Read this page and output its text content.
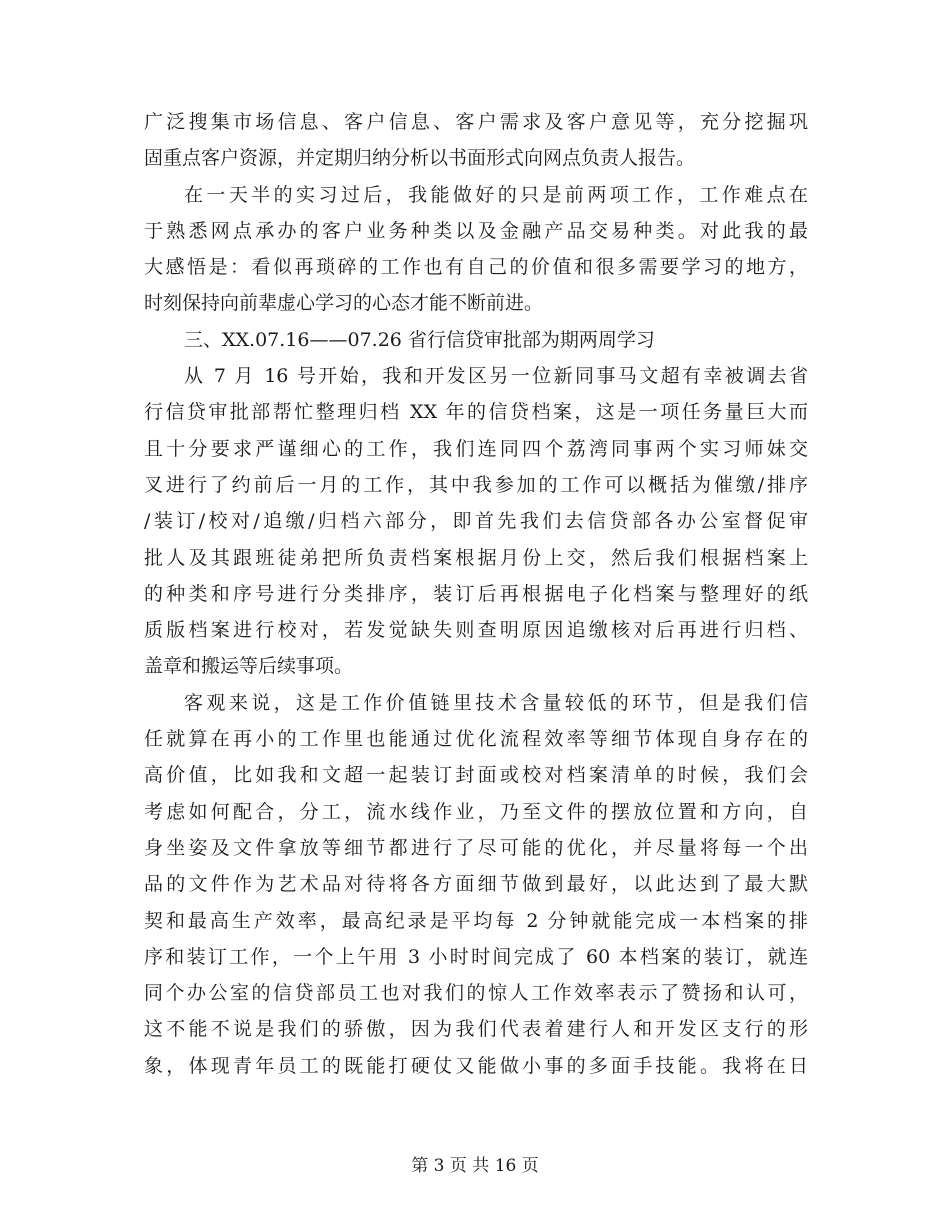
广泛搜集市场信息、客户信息、客户需求及客户意见等，充分挖掘巩
固重点客户资源，并定期归纳分析以书面形式向网点负责人报告。
在一天半的实习过后，我能做好的只是前两项工作，工作难点在
于熟悉网点承办的客户业务种类以及金融产品交易种类。对此我的最
大感悟是：看似再琐碎的工作也有自己的价值和很多需要学习的地方，
时刻保持向前辈虚心学习的心态才能不断前进。
三、XX.07.16——07.26 省行信贷审批部为期两周学习
从 7 月 16 号开始，我和开发区另一位新同事马文超有幸被调去省
行信贷审批部帮忙整理归档 XX 年的信贷档案，这是一项任务量巨大而
且十分要求严谨细心的工作，我们连同四个荔湾同事两个实习师妹交
叉进行了约前后一月的工作，其中我参加的工作可以概括为催缴/排序
/装订/校对/追缴/归档六部分，即首先我们去信贷部各办公室督促审
批人及其跟班徒弟把所负责档案根据月份上交，然后我们根据档案上
的种类和序号进行分类排序，装订后再根据电子化档案与整理好的纸
质版档案进行校对，若发觉缺失则查明原因追缴核对后再进行归档、
盖章和搬运等后续事项。
客观来说，这是工作价值链里技术含量较低的环节，但是我们信
任就算在再小的工作里也能通过优化流程效率等细节体现自身存在的
高价值，比如我和文超一起装订封面或校对档案清单的时候，我们会
考虑如何配合，分工，流水线作业，乃至文件的摆放位置和方向，自
身坐姿及文件拿放等细节都进行了尽可能的优化，并尽量将每一个出
品的文件作为艺术品对待将各方面细节做到最好，以此达到了最大默
契和最高生产效率，最高纪录是平均每 2 分钟就能完成一本档案的排
序和装订工作，一个上午用 3 小时时间完成了 60 本档案的装订，就连
同个办公室的信贷部员工也对我们的惊人工作效率表示了赞扬和认可，
这不能不说是我们的骄傲，因为我们代表着建行人和开发区支行的形
象，体现青年员工的既能打硬仗又能做小事的多面手技能。我将在日
第 3 页 共 16 页
